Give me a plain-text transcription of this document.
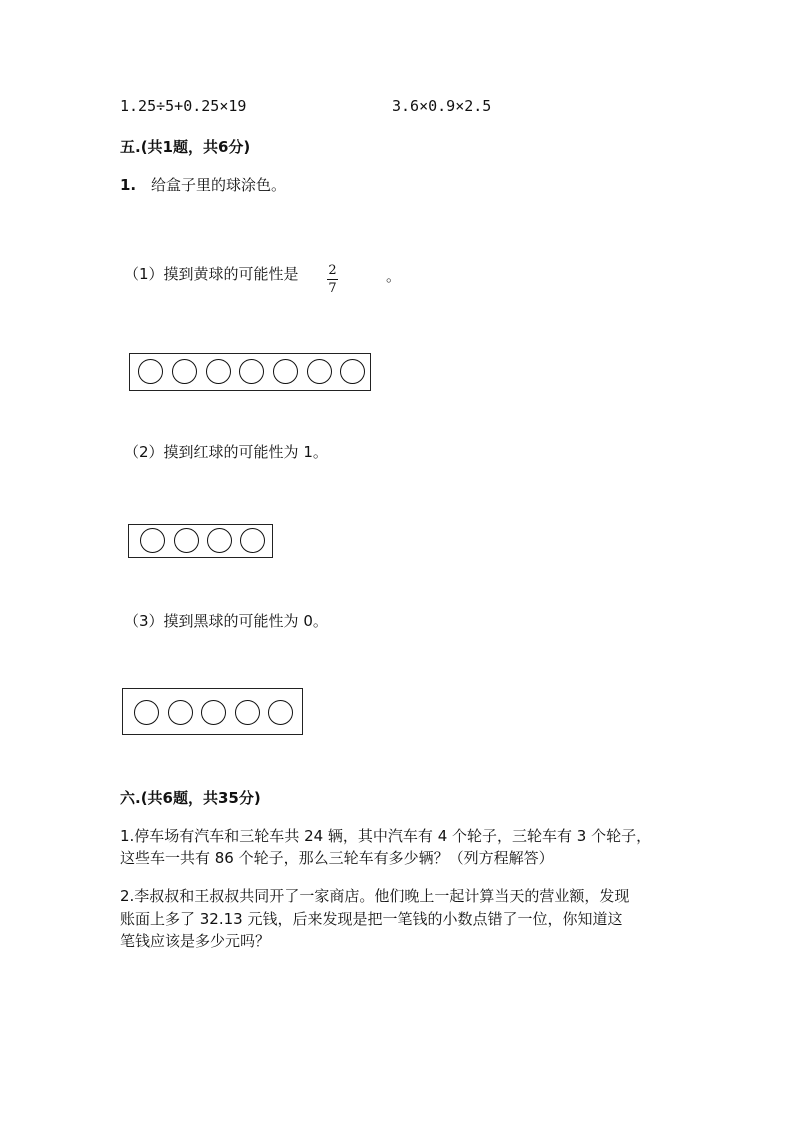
1.25÷5+0.25×19	3.6×0.9×2.5
五.(共1题，共6分)
1. 给盒子里的球涂色。
（1）摸到黄球的可能性是 $\frac{2}{7}$	。
（2）摸到红球的可能性为 1。
（3）摸到黑球的可能性为 0。
六.(共6题，共35分)
1.停车场有汽车和三轮车共 24 辆，其中汽车有 4 个轮子，三轮车有 3 个轮子，
这些车一共有 86 个轮子，那么三轮车有多少辆？（列方程解答）
2.李叔叔和王叔叔共同开了一家商店。他们晚上一起计算当天的营业额，发现
账面上多了 32.13 元钱，后来发现是把一笔钱的小数点错了一位，你知道这
笔钱应该是多少元吗？
